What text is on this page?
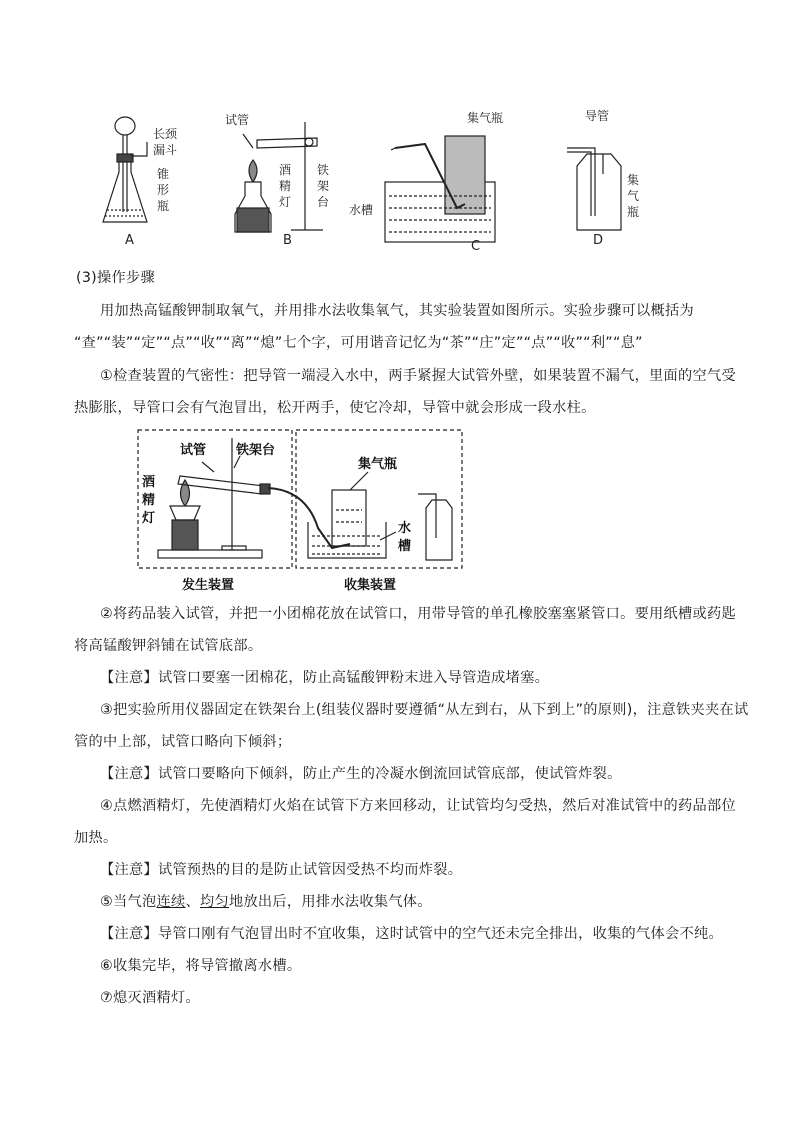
长颈
漏斗
锥
形
瓶
A
试管
酒
精
灯
铁
架
台
B
集气瓶
水槽
C
导管
集
气
瓶
D
(3)操作步骤
用加热高锰酸钾制取氧气，并用排水法收集氧气，其实验装置如图所示。实验步骤可以概括为
“查”“装”“定”“点”“收”“离”“熄”七个字，可用谐音记忆为“茶”“庄”定”“点”“收”“利”“息”
①检查装置的气密性：把导管一端浸入水中，两手紧握大试管外壁，如果装置不漏气，里面的空气受
热膨胀，导管口会有气泡冒出，松开两手，使它冷却，导管中就会形成一段水柱。
试管 铁架台
酒
精
灯
集气瓶
水
槽
发生装置	收集装置
②将药品装入试管，并把一小团棉花放在试管口，用带导管的单孔橡胶塞塞紧管口。要用纸槽或药匙
将高锰酸钾斜铺在试管底部。
【注意】试管口要塞一团棉花，防止高锰酸钾粉末进入导管造成堵塞。
③把实验所用仪器固定在铁架台上(组装仪器时要遵循“从左到右，从下到上”的原则)，注意铁夹夹在试
管的中上部，试管口略向下倾斜；
【注意】试管口要略向下倾斜，防止产生的冷凝水倒流回试管底部，使试管炸裂。
④点燃酒精灯，先使酒精灯火焰在试管下方来回移动，让试管均匀受热，然后对准试管中的药品部位
加热。
【注意】试管预热的目的是防止试管因受热不均而炸裂。
⑤当气泡连续、均匀地放出后，用排水法收集气体。
【注意】导管口刚有气泡冒出时不宜收集，这时试管中的空气还未完全排出，收集的气体会不纯。
⑥收集完毕，将导管撤离水槽。
⑦熄灭酒精灯。
